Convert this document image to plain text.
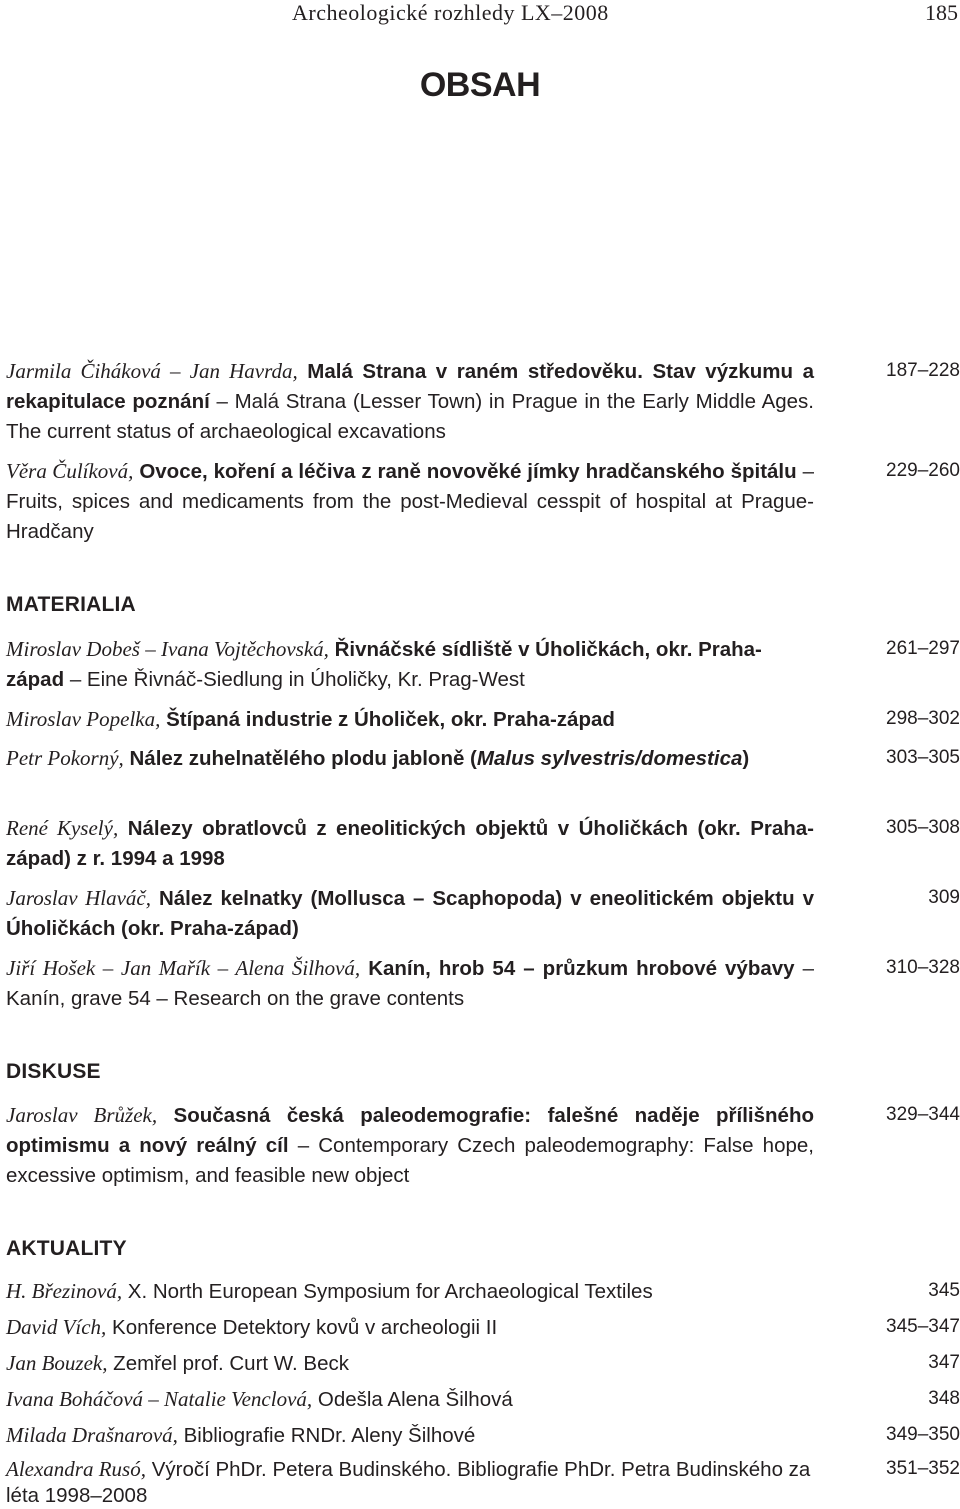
Archeologické rozhledy LX–2008	185
OBSAH
Jarmila Čiháková – Jan Havrda, Malá Strana v raném středověku. Stav výzkumu a rekapitulace poznání – Malá Strana (Lesser Town) in Prague in the Early Middle Ages. The current status of archaeological excavations
187–228
Věra Čulíková, Ovoce, koření a léčiva z raně novověké jímky hradčanského špitálu – Fruits, spices and medicaments from the post-Medieval cesspit of hospital at Prague-Hradčany
229–260
MATERIALIA
Miroslav Dobeš – Ivana Vojtěchovská, Řivnáčské sídliště v Úholičkách, okr. Praha-západ – Eine Řivnáč-Siedlung in Úholičky, Kr. Prag-West
261–297
Miroslav Popelka, Štípaná industrie z Úholiček, okr. Praha-západ	298–302
Petr Pokorný, Nález zuhelnatělého plodu jabloně (Malus sylvestris/domestica)	303–305
René Kyselý, Nálezy obratlovců z eneolitických objektů v Úholičkách (okr. Praha-západ) z r. 1994 a 1998
305–308
Jaroslav Hlaváč, Nález kelnatky (Mollusca – Scaphopoda) v eneolitickém objektu v Úholičkách (okr. Praha-západ)
309
Jiří Hošek – Jan Mařík – Alena Šilhová, Kanín, hrob 54 – průzkum hrobové výbavy – Kanín, grave 54 – Research on the grave contents
310–328
DISKUSE
Jaroslav Brůžek, Současná česká paleodemografie: falešné naděje přílišného optimismu a nový reálný cíl – Contemporary Czech paleodemography: False hope, excessive optimism, and feasible new object
329–344
AKTUALITY
H. Březinová, X. North European Symposium for Archaeological Textiles	345
David Vích, Konference Detektory kovů v archeologii II	345–347
Jan Bouzek, Zemřel prof. Curt W. Beck	347
Ivana Boháčová – Natalie Venclová, Odešla Alena Šilhová	348
Milada Drašnarová, Bibliografie RNDr. Aleny Šilhové	349–350
Alexandra Rusó, Výročí PhDr. Petera Budinského. Bibliografie PhDr. Petra Budinského za léta 1998–2008
351–352
